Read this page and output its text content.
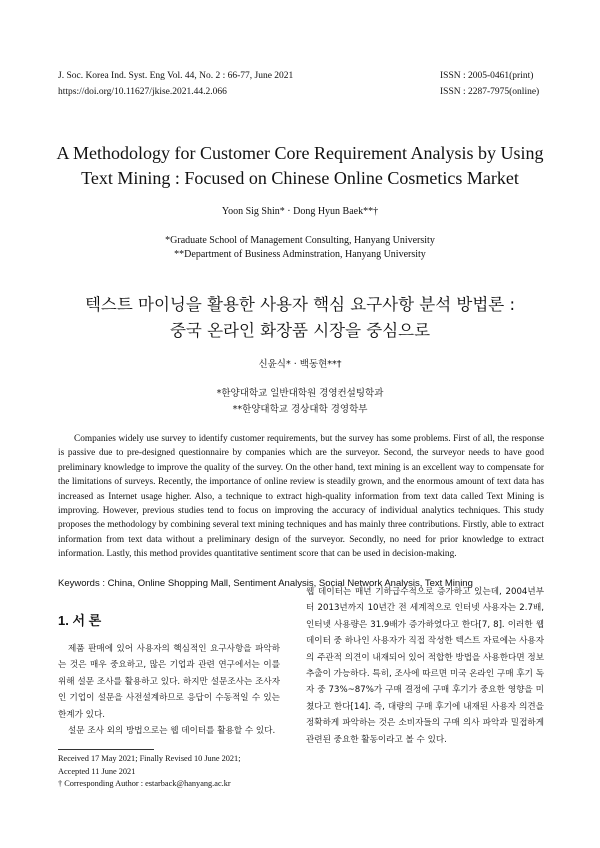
J. Soc. Korea Ind. Syst. Eng Vol. 44, No. 2 : 66-77, June 2021
https://doi.org/10.11627/jkise.2021.44.2.066
ISSN : 2005-0461(print)
ISSN : 2287-7975(online)
A Methodology for Customer Core Requirement Analysis by Using
Text Mining : Focused on Chinese Online Cosmetics Market
Yoon Sig Shin* · Dong Hyun Baek**†
*Graduate School of Management Consulting, Hanyang University
**Department of Business Adminstration, Hanyang University
텍스트 마이닝을 활용한 사용자 핵심 요구사항 분석 방법론 :
중국 온라인 화장품 시장을 중심으로
신윤식* · 백동현**†
*한양대학교 일반대학원 경영컨설팅학과
**한양대학교 경상대학 경영학부
Companies widely use survey to identify customer requirements, but the survey has some problems. First of all, the response is passive due to pre-designed questionnaire by companies which are the surveyor. Second, the surveyor needs to have good preliminary knowledge to improve the quality of the survey. On the other hand, text mining is an excellent way to compensate for the limitations of surveys. Recently, the importance of online review is steadily grown, and the enormous amount of text data has increased as Internet usage higher. Also, a technique to extract high-quality information from text data called Text Mining is improving. However, previous studies tend to focus on improving the accuracy of individual analytics techniques. This study proposes the methodology by combining several text mining techniques and has mainly three contributions. Firstly, able to extract information from text data without a preliminary design of the surveyor. Secondly, no need for prior knowledge to extract information. Lastly, this method provides quantitative sentiment score that can be used in decision-making.
Keywords : China, Online Shopping Mall, Sentiment Analysis, Social Network Analysis, Text Mining
1. 서 론

제품 판매에 있어 사용자의 핵심적인 요구사항을 파악하는 것은 매우 중요하고, 많은 기업과 관련 연구에서는 이를 위해 설문 조사를 활용하고 있다. 하지만 설문조사는 조사자인 기업이 설문을 사전설계하므로 응답이 수동적일 수 있는 한계가 있다.

설문 조사 외의 방법으로는 웹 데이터를 활용할 수 있다.

Received 17 May 2021; Finally Revised 10 June 2021;
Accepted 11 June 2021
† Corresponding Author : estarback@hanyang.ac.kr

웹 데이터는 매년 기하급수적으로 증가하고 있는데, 2004년부터 2013년까지 10년간 전 세계적으로 인터넷 사용자는 2.7배, 인터넷 사용량은 31.9배가 증가하였다고 한다[7, 8]. 이러한 웹 데이터 중 하나인 사용자가 직접 작성한 텍스트 자료에는 사용자의 주관적 의견이 내재되어 있어 적합한 방법을 사용한다면 정보추출이 가능하다. 특히, 조사에 따르면 미국 온라인 구매 후기 독자 중 73%~87%가 구매 결정에 구매 후기가 중요한 영향을 미쳤다고 한다[14]. 즉, 대량의 구매 후기에 내재된 사용자 의견을 정확하게 파악하는 것은 소비자들의 구매 의사 파악과 밀접하게 관련된 중요한 활동이라고 볼 수 있다.
